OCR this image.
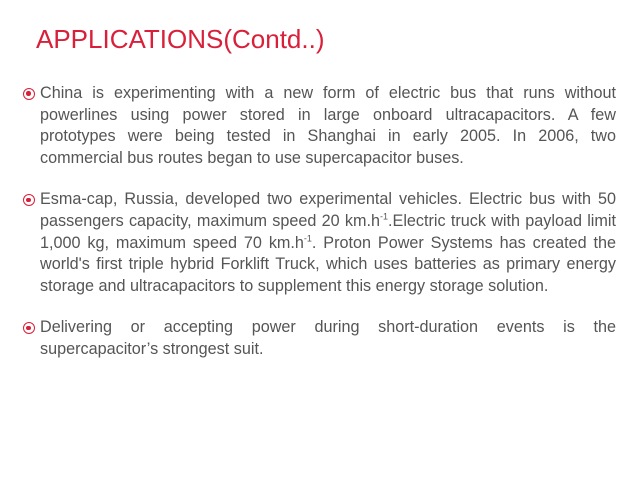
APPLICATIONS(Contd..)
China is experimenting with a new form of electric bus that runs without powerlines using power stored in large onboard ultracapacitors. A few prototypes were being tested in Shanghai in early 2005. In 2006, two commercial bus routes began to use supercapacitor buses.
Esma-cap, Russia, developed two experimental vehicles. Electric bus with 50 passengers capacity, maximum speed 20 $km.h^{-1}.Electric$ truck with payload limit 1,000 kg, maximum speed 70 $km.h^{-1}$. Proton Power Systems has created the world's first triple hybrid Forklift Truck, which uses batteries as primary energy storage and ultracapacitors to supplement this energy storage solution.
Delivering or accepting power during short-duration events is the supercapacitor’s strongest suit.
